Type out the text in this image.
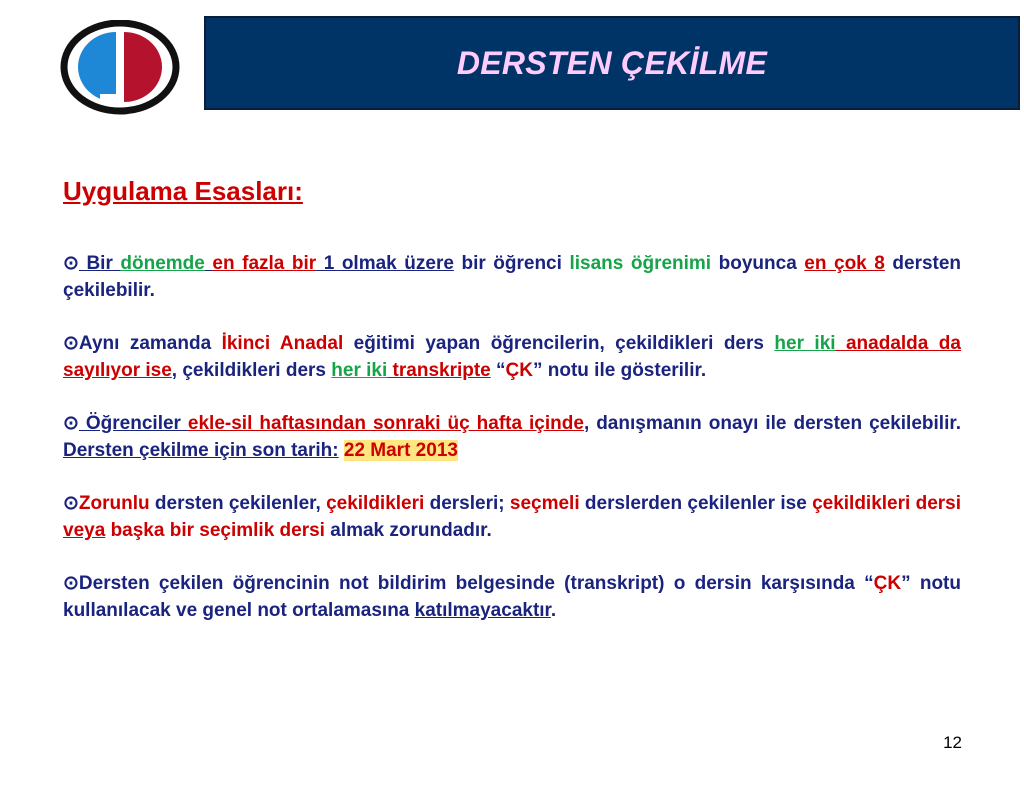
DERSTEN ÇEKİLME
Uygulama Esasları:

⊙ Bir dönemde en fazla bir 1 olmak üzere bir öğrenci lisans öğrenimi boyunca en çok 8 dersten çekilebilir.

⊙Aynı zamanda İkinci Anadal eğitimi yapan öğrencilerin, çekildikleri ders her iki anadalda da sayılıyor ise, çekildikleri ders her iki transkripte “ÇK” notu ile gösterilir.

⊙ Öğrenciler ekle-sil haftasından sonraki üç hafta içinde, danışmanın onayı ile dersten çekilebilir. Dersten çekilme için son tarih: 22 Mart 2013

⊙Zorunlu dersten çekilenler, çekildikleri dersleri; seçmeli derslerden çekilenler ise çekildikleri dersi veya başka bir seçimlik dersi almak zorundadır.

⊙Dersten çekilen öğrencinin not bildirim belgesinde (transkript) o dersin karşısında “ÇK” notu kullanılacak ve genel not ortalamasına katılmayacaktır.

12
